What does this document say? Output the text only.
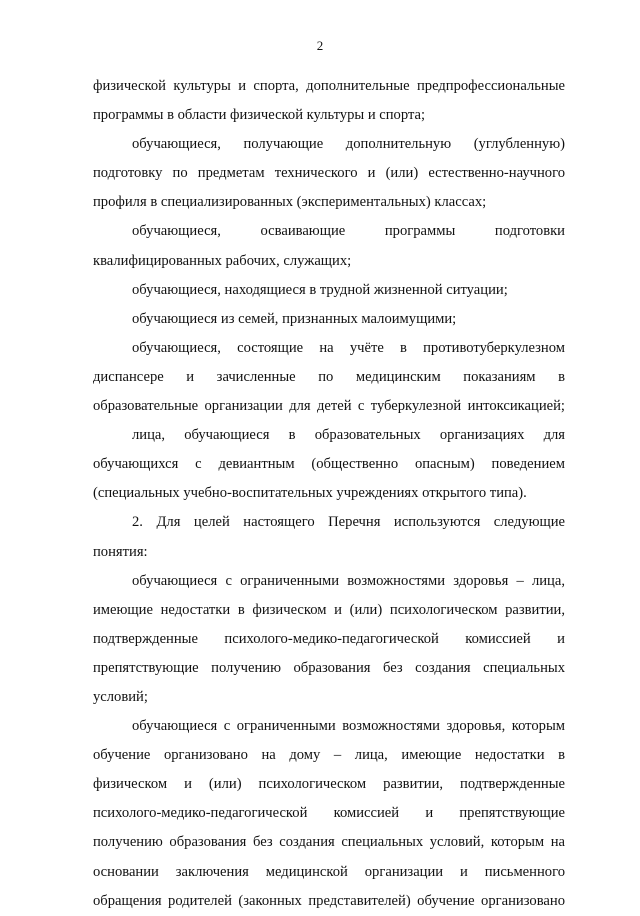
2
физической культуры и спорта, дополнительные предпрофессиональные
программы в области физической культуры и спорта;
обучающиеся, получающие дополнительную (углубленную)
подготовку по предметам технического и (или) естественно-научного
профиля в специализированных (экспериментальных) классах;
обучающиеся, осваивающие программы подготовки
квалифицированных рабочих, служащих;
обучающиеся, находящиеся в трудной жизненной ситуации;
обучающиеся из семей, признанных малоимущими;
обучающиеся, состоящие на учёте в противотуберкулезном
диспансере и зачисленные по медицинским показаниям в
образовательные организации для детей с туберкулезной интоксикацией;
лица, обучающиеся в образовательных организациях для
обучающихся с девиантным (общественно опасным) поведением
(специальных учебно-воспитательных учреждениях открытого типа).
2. Для целей настоящего Перечня используются следующие
понятия:
обучающиеся с ограниченными возможностями здоровья – лица,
имеющие недостатки в физическом и (или) психологическом развитии,
подтвержденные психолого-медико-педагогической комиссией и
препятствующие получению образования без создания специальных
условий;
обучающиеся с ограниченными возможностями здоровья, которым
обучение организовано на дому – лица, имеющие недостатки в
физическом и (или) психологическом развитии, подтвержденные
психолого-медико-педагогической комиссией и препятствующие
получению образования без создания специальных условий, которым на
основании заключения медицинской организации и письменного
обращения родителей (законных представителей) обучение организовано
